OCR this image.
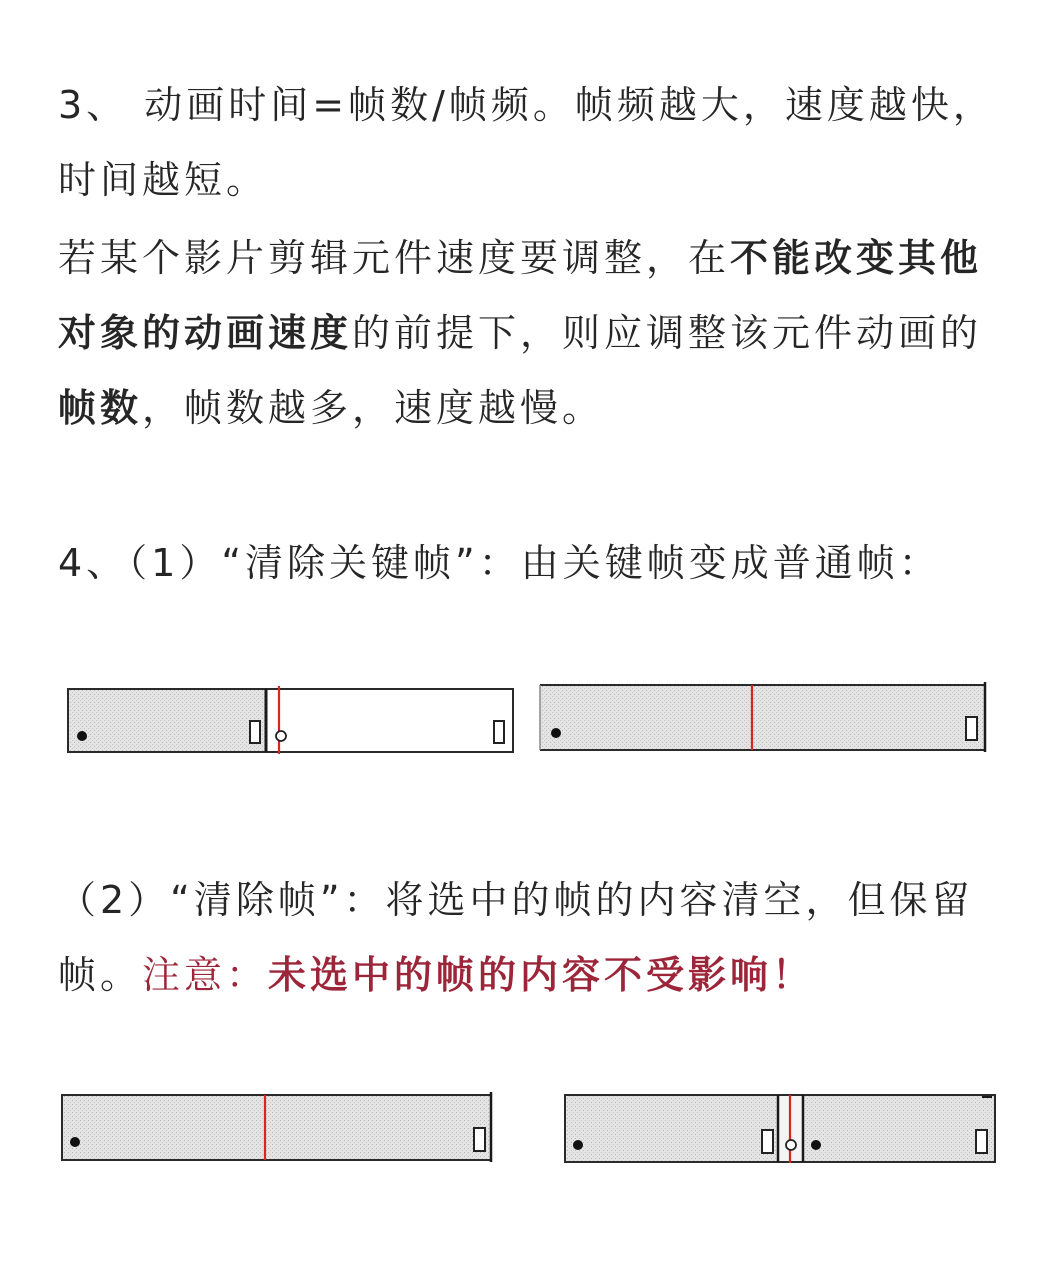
3、 动画时间=帧数/帧频。帧频越大，速度越快，
时间越短。
若某个影片剪辑元件速度要调整，在不能改变其他
对象的动画速度的前提下，则应调整该元件动画的
帧数，帧数越多，速度越慢。
4、（1）“清除关键帧”：由关键帧变成普通帧：
（2）“清除帧”：将选中的帧的内容清空，但保留
帧。注意：未选中的帧的内容不受影响！
